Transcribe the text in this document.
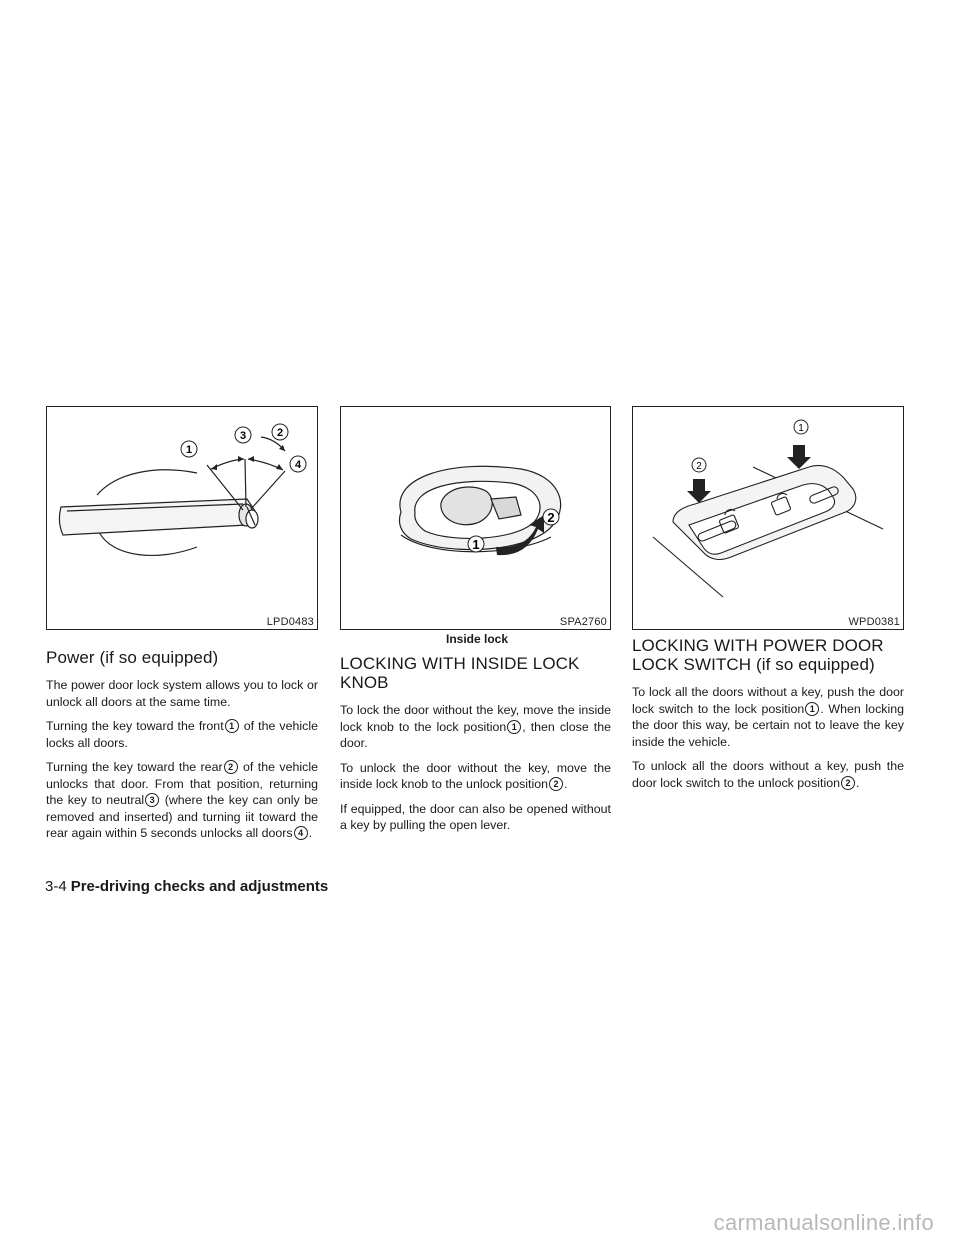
1
3	2
4
LPD0483
1
2
SPA2760
Inside lock
1
2
WPD0381
Power (if so equipped)

The power door lock system allows you to lock or unlock all doors at the same time.

Turning the key toward the front 1 of the vehicle locks all doors.

Turning the key toward the rear 2 of the vehicle unlocks that door. From that position, returning the key to neutral 3 (where the key can only be removed and inserted) and turning iit toward the rear again within 5 seconds unlocks all doors 4 .

LOCKING WITH INSIDE LOCK KNOB

To lock the door without the key, move the inside lock knob to the lock position 1 , then close the door.

To unlock the door without the key, move the inside lock knob to the unlock position 2 .

If equipped, the door can also be opened without a key by pulling the open lever.

LOCKING WITH POWER DOOR LOCK SWITCH (if so equipped)

To lock all the doors without a key, push the door lock switch to the lock position 1 . When locking the door this way, be certain not to leave the key inside the vehicle.

To unlock all the doors without a key, push the door lock switch to the unlock position 2 .

3-4 Pre-driving checks and adjustments
carmanualsonline.info
